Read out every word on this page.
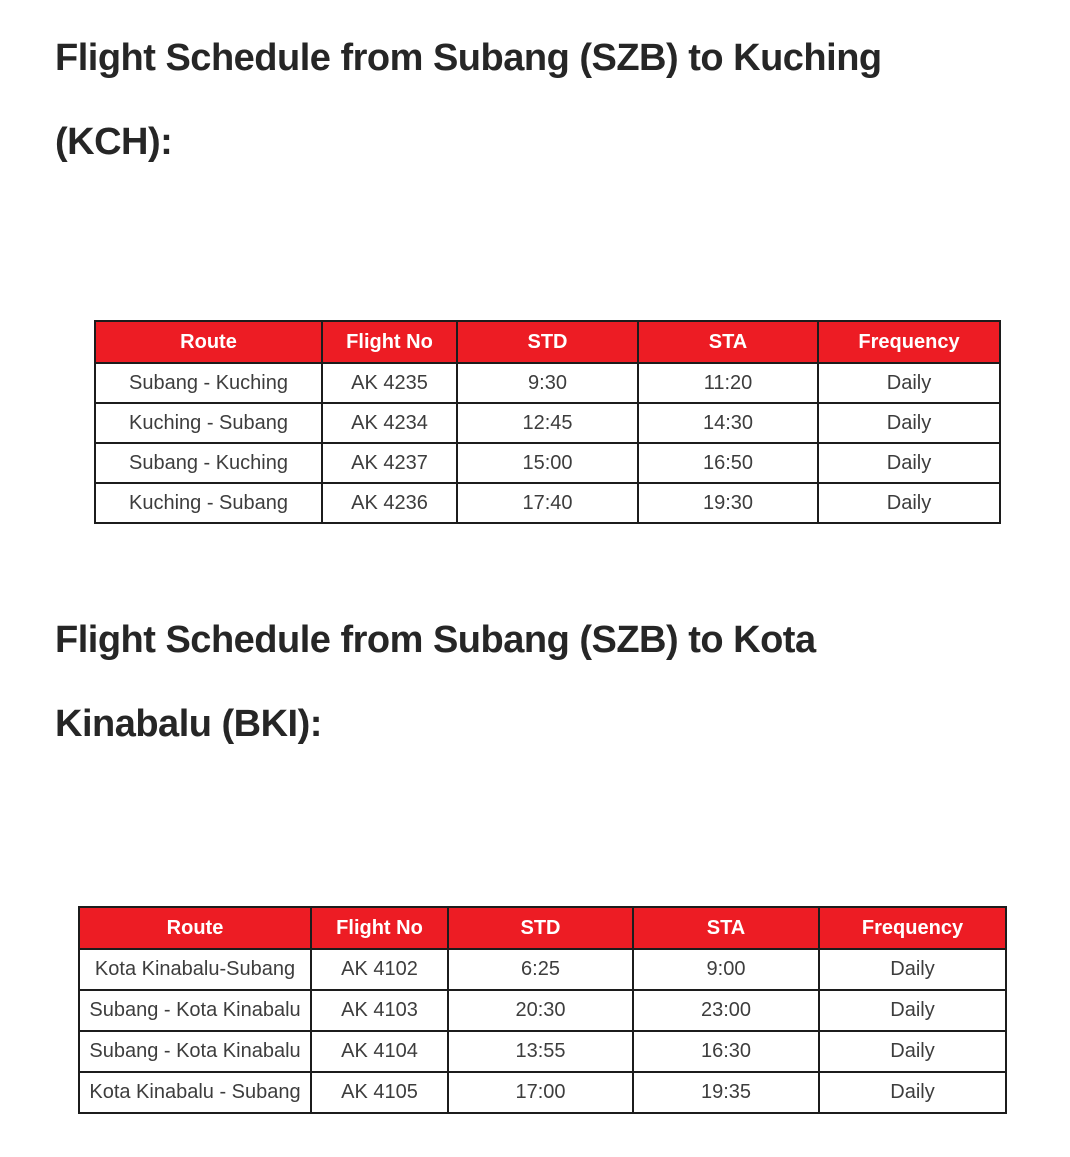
Flight Schedule from Subang (SZB) to Kuching
(KCH):
Route	Flight No	STD	STA	Frequency
Subang - Kuching	AK 4235	9:30	11:20	Daily
Kuching - Subang	AK 4234	12:45	14:30	Daily
Subang - Kuching	AK 4237	15:00	16:50	Daily
Kuching - Subang	AK 4236	17:40	19:30	Daily
Flight Schedule from Subang (SZB) to Kota
Kinabalu (BKI):
Route	Flight No	STD	STA	Frequency
Kota Kinabalu-Subang	AK 4102	6:25	9:00	Daily
Subang - Kota Kinabalu	AK 4103	20:30	23:00	Daily
Subang - Kota Kinabalu	AK 4104	13:55	16:30	Daily
Kota Kinabalu - Subang	AK 4105	17:00	19:35	Daily
